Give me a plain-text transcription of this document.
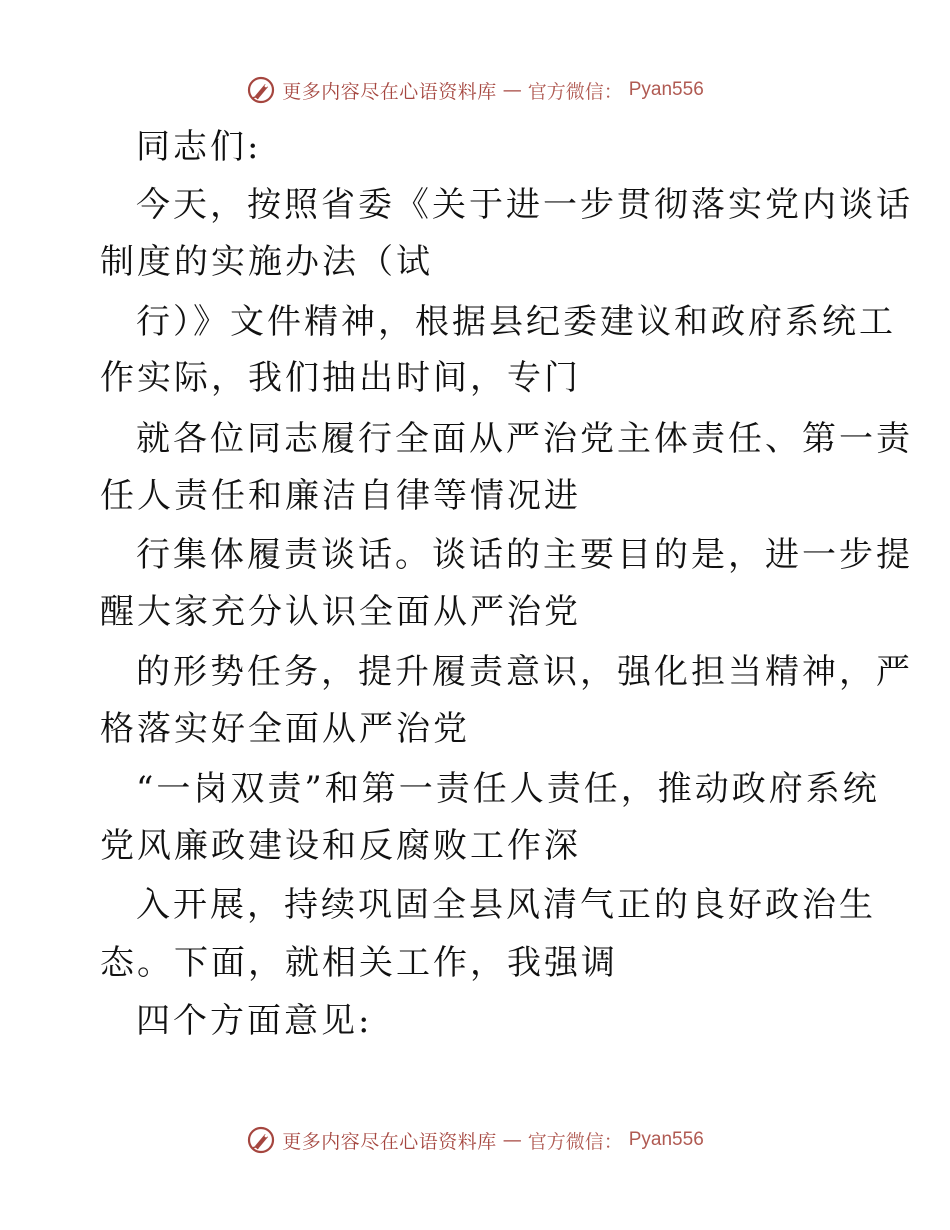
更多内容尽在心语资料库 — 官方微信： Pyan556
同志们:
今天，按照省委《关于进一步贯彻落实党内谈话
制度的实施办法（试
行）》文件精神，根据县纪委建议和政府系统工
作实际，我们抽出时间，专门
就各位同志履行全面从严治党主体责任、第一责
任人责任和廉洁自律等情况进
行集体履责谈话。谈话的主要目的是，进一步提
醒大家充分认识全面从严治党
的形势任务，提升履责意识，强化担当精神，严
格落实好全面从严治党
“一岗双责”和第一责任人责任，推动政府系统
党风廉政建设和反腐败工作深
入开展，持续巩固全县风清气正的良好政治生
态。下面，就相关工作，我强调
四个方面意见:
更多内容尽在心语资料库 — 官方微信： Pyan556
